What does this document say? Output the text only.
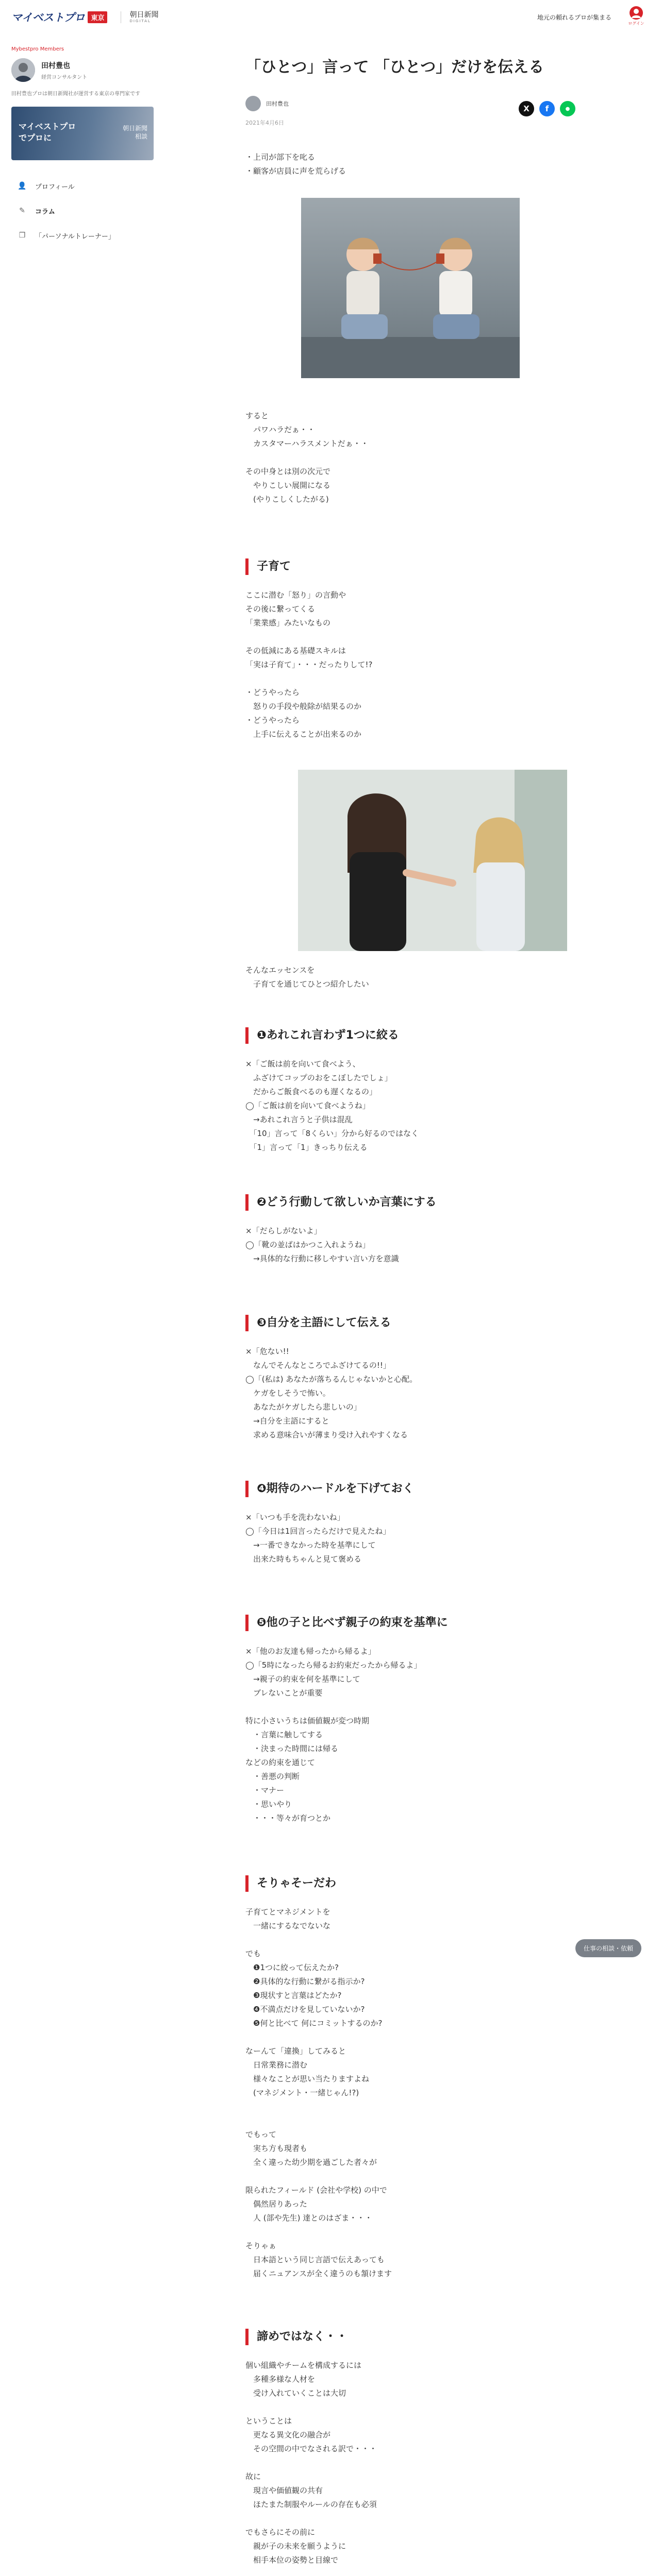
マイベストプロ 東京	朝日新聞
DIGITAL	地元の頼れるプロが集まる
ログイン
Mybestpro Members
田村豊也
経営コンサルタント
田村豊也プロは朝日新聞社が運営する東京の専門家です
マイベストプロ
でプロに
朝日新聞
相談
👤 プロフィール
✎	コラム
❒	「パーソナルトレーナー」
「ひとつ」言って 「ひとつ」だけを伝える
田村豊也
2021年4月6日
X	f	●
・上司が部下を叱る
・顧客が店員に声を荒らげる
すると
　パワハラだぁ・・
　カスタマーハラスメントだぁ・・

その中身とは別の次元で
　やりこしい展開になる
　(やりこしくしたがる)
子育て
ここに潜む「怒り」の言動や
その後に繋ってくる
「業業感」みたいなもの

その低減にある基礎スキルは
「実は子育て」・・・だったりして!?

・どうやったら
　怒りの手段や般除が結果るのか
・どうやったら
　上手に伝えることが出来るのか
そんなエッセンスを
　子育てを通じてひとつ紹介したい
❶あれこれ言わず1つに絞る
×「ご飯は前を向いて食べよう、
　ふざけてコップのおをこぼしたでしょ」
　だからご飯食べるのも遅くなるの」
◯「ご飯は前を向いて食べようね」
　→あれこれ言うと子供は混乱
　「10」言って「8くらい」分から好るのではなく
　「1」言って「1」きっちり伝える
❷どう行動して欲しいか言葉にする
×「だらしがないよ」
◯「靴の並ばはかつこ入れようね」
　→具体的な行動に移しやすい言い方を意識
❸自分を主語にして伝える
×「危ない!!
　なんでそんなところでふざけてるの!!」
◯「(私は) あなたが落ちるんじゃないかと心配。
　ケガをしそうで怖い。
　あなたがケガしたら悲しいの」
　→自分を主語にすると
　求める意味合いが薄まり受け入れやすくなる
❹期待のハードルを下げておく
×「いつも手を洗わないね」
◯「今日は1回言ったらだけで見えたね」
　→一番できなかった時を基準にして
　出来た時もちゃんと見て褒める
❺他の子と比べず親子の約束を基準に
×「他のお友達も帰ったから帰るよ」
◯「5時になったら帰るお約束だったから帰るよ」
　→親子の約束を何を基準にして
　ブレないことが重要

特に小さいうちは価値観が変つ時期
　・言葉に触してする
　・決まった時間には帰る
などの約束を通じて
　・善悪の判断
　・マナー
　・思いやり
　・・・等々が育つとか
そりゃそーだわ
子育てとマネジメントを
　一緒にするなでないな

でも
　❶1つに絞って伝えたか?
　❷具体的な行動に繋がる指示か?
　❸現状すと言葉はどたか?
　❹不満点だけを見していないか?
　❺何と比べて 何にコミットするのか?

なーんて「違換」してみると
　日常業務に潜む
　様々なことが思い当たりますよね
　(マネジメント・一緒じゃん!?)

でもって
　実ち方も現者も
　全く違った幼少期を過ごした者々が

限られたフィールド (会社や学校) の中で
　偶然居りあった
　人 (部や先生) 達とのはざま・・・

そりゃぁ
　日本語という同じ言語で伝えあっても
　届くニュアンスが全く違うのも頷けます
諦めではなく・・
個い組織やチームを構成するには
　多種多様な人材を
　受け入れていくことは大切

ということは
　更なる異文化の融合が
　その空間の中でなされる訳で・・・

故に
　現言や価値観の共有
　ほたまた制服やルールの存在も必須

でもさらにその前に
　親が子の未来を願うように
　相手本位の姿勢と目線で

仕事の相談・依頼
